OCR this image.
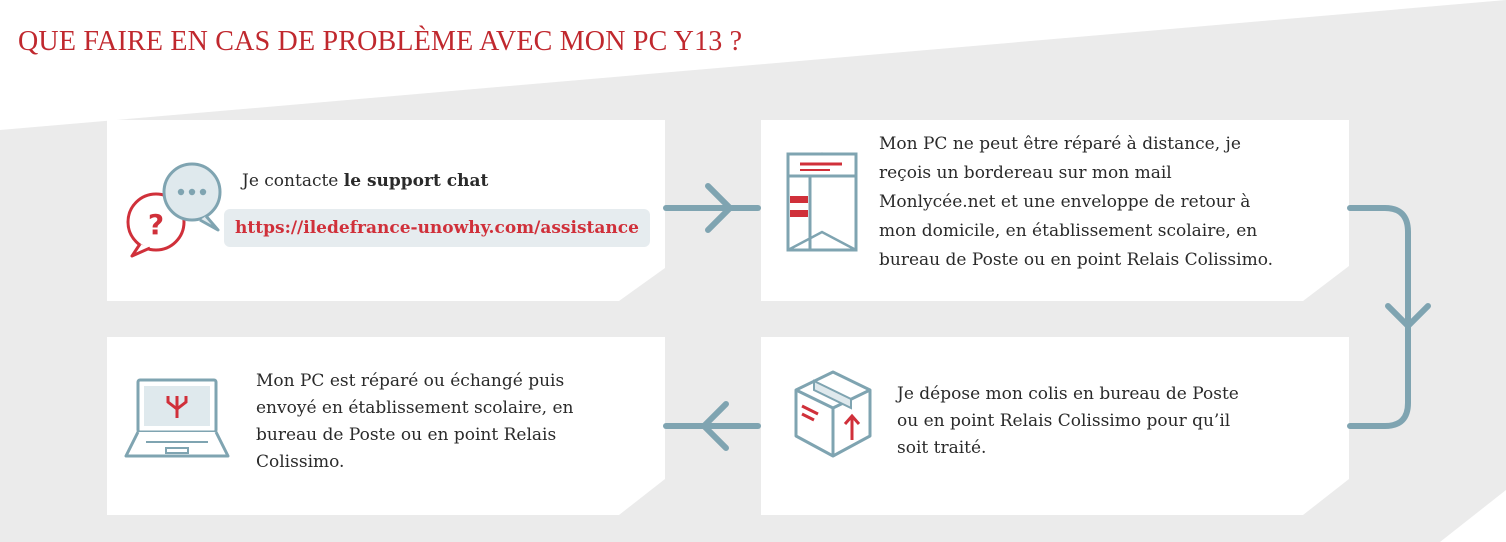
QUE FAIRE EN CAS DE PROBLÈME AVEC MON PC Y13 ?
?
Je contacte le support chat
https://iledefrance-unowhy.com/assistance
Mon PC ne peut être réparé à distance, je
reçois un bordereau sur mon mail
Monlycée.net et une enveloppe de retour à
mon domicile, en établissement scolaire, en
bureau de Poste ou en point Relais Colissimo.
Je dépose mon colis en bureau de Poste
ou en point Relais Colissimo pour qu’il
soit traité.
Mon PC est réparé ou échangé puis
envoyé en établissement scolaire, en
bureau de Poste ou en point Relais
Colissimo.
